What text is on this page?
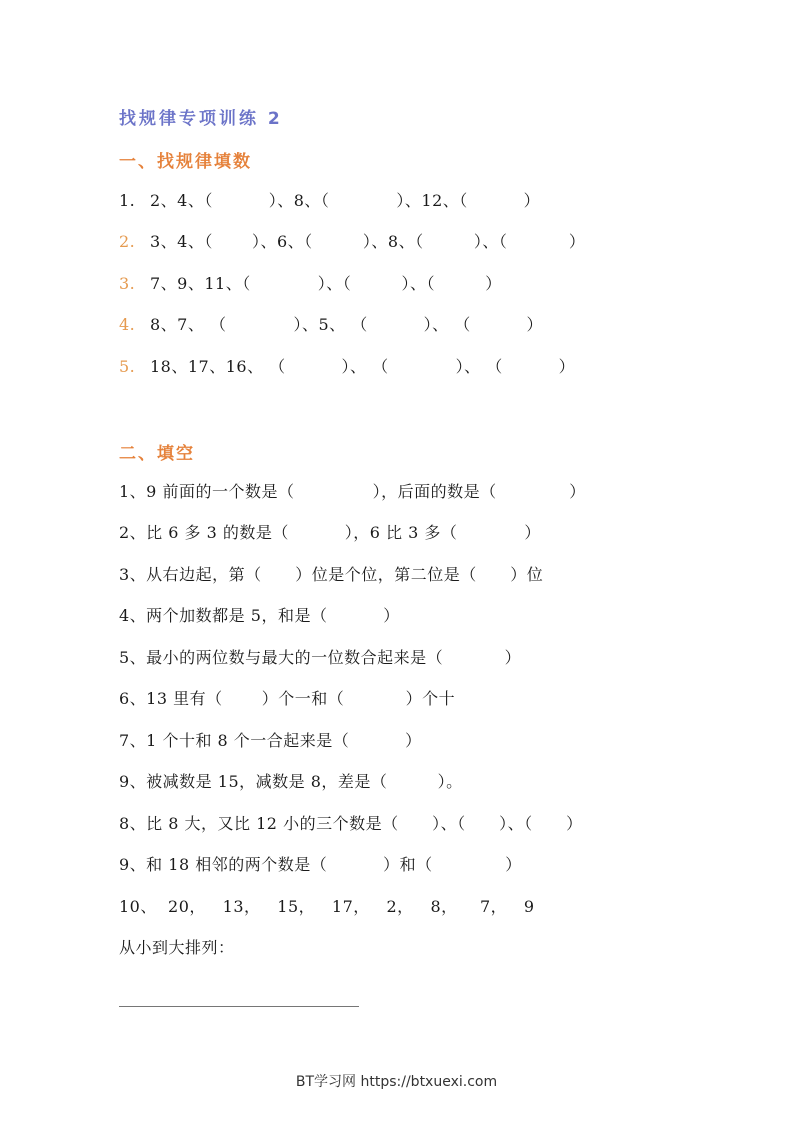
找规律专项训练 2
一、找规律填数
1. 2、4、（          ）、8、（            ）、12、（          ）
2. 3、4、（       ）、6、（         ）、8、（         ）、（           ）
3. 7、9、11、（            ）、（         ）、（         ）
4. 8、7、 （            ）、5、 （          ）、 （          ）
5. 18、17、16、 （          ）、 （            ）、 （          ）
二、填空
1、9 前面的一个数是（              ），后面的数是（             ）
2、比 6 多 3 的数是（          ），6 比 3 多（            ）
3、从右边起，第（      ）位是个位，第二位是（      ）位
4、两个加数都是 5，和是（          ）
5、最小的两位数与最大的一位数合起来是（           ）
6、13 里有（       ）个一和（           ）个十
7、1 个十和 8 个一合起来是（          ）
9、被减数是 15，减数是 8，差是（         ）。
8、比 8 大，又比 12 小的三个数是（      ）、（      ）、（      ）
9、和 18 相邻的两个数是（          ）和（             ）
10、  20，   13，   15，   17，   2，   8，    7，   9
从小到大排列：
______________________________
BT学习网 https://btxuexi.com
